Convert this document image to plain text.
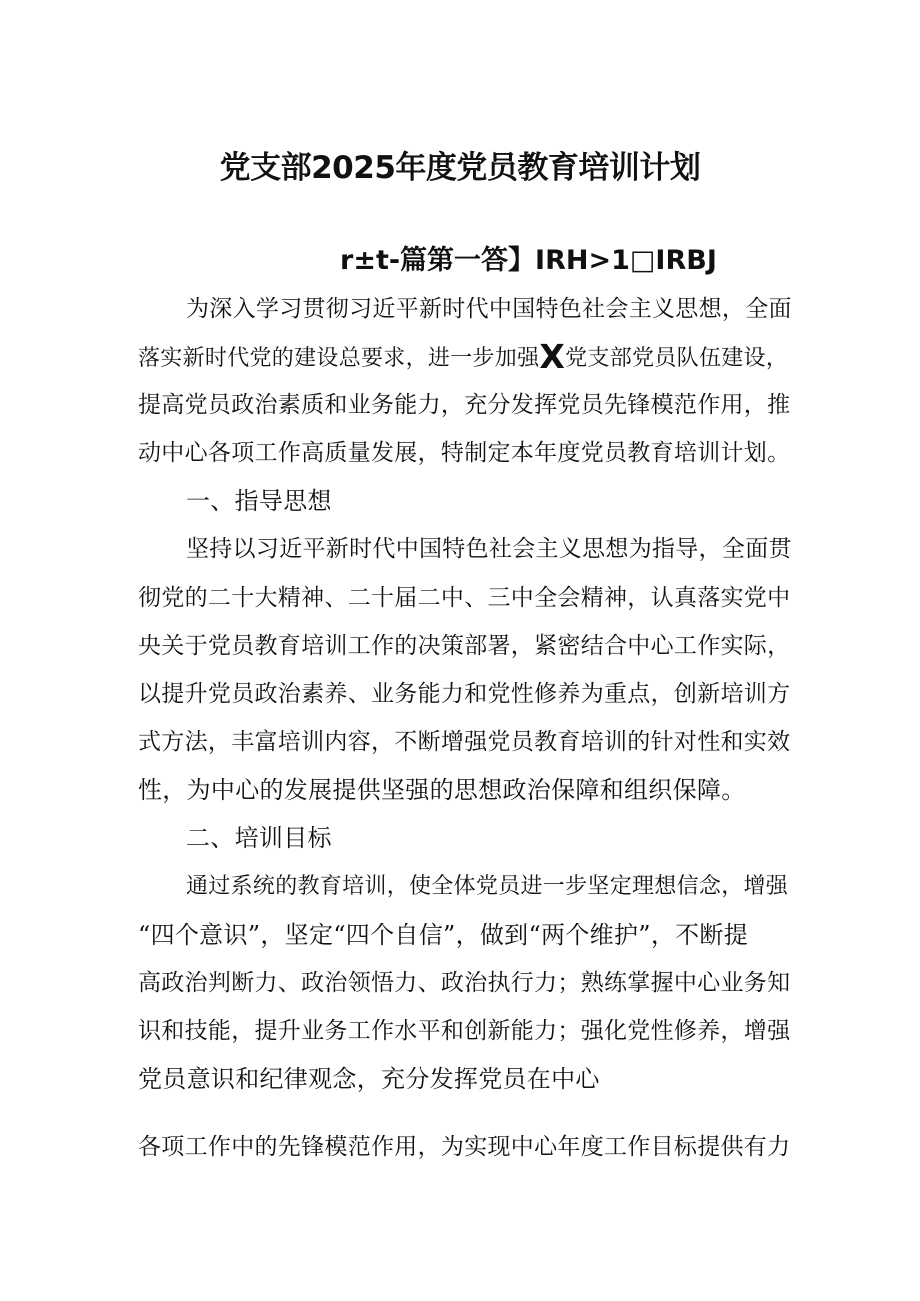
党支部2025年度党员教育培训计划
r±t-篇第一答】IRH>1□IRBJ
为深入学习贯彻习近平新时代中国特色社会主义思想，全面
落实新时代党的建设总要求，进一步加强X党支部党员队伍建设，
提高党员政治素质和业务能力，充分发挥党员先锋模范作用，推
动中心各项工作高质量发展，特制定本年度党员教育培训计划。
一、指导思想
坚持以习近平新时代中国特色社会主义思想为指导，全面贯
彻党的二十大精神、二十届二中、三中全会精神，认真落实党中
央关于党员教育培训工作的决策部署，紧密结合中心工作实际，
以提升党员政治素养、业务能力和党性修养为重点，创新培训方
式方法，丰富培训内容，不断增强党员教育培训的针对性和实效
性，为中心的发展提供坚强的思想政治保障和组织保障。
二、培训目标
通过系统的教育培训，使全体党员进一步坚定理想信念，增强
“四个意识”，坚定“四个自信”，做到“两个维护”，不断提
高政治判断力、政治领悟力、政治执行力；熟练掌握中心业务知
识和技能，提升业务工作水平和创新能力；强化党性修养，增强
党员意识和纪律观念，充分发挥党员在中心
各项工作中的先锋模范作用，为实现中心年度工作目标提供有力
